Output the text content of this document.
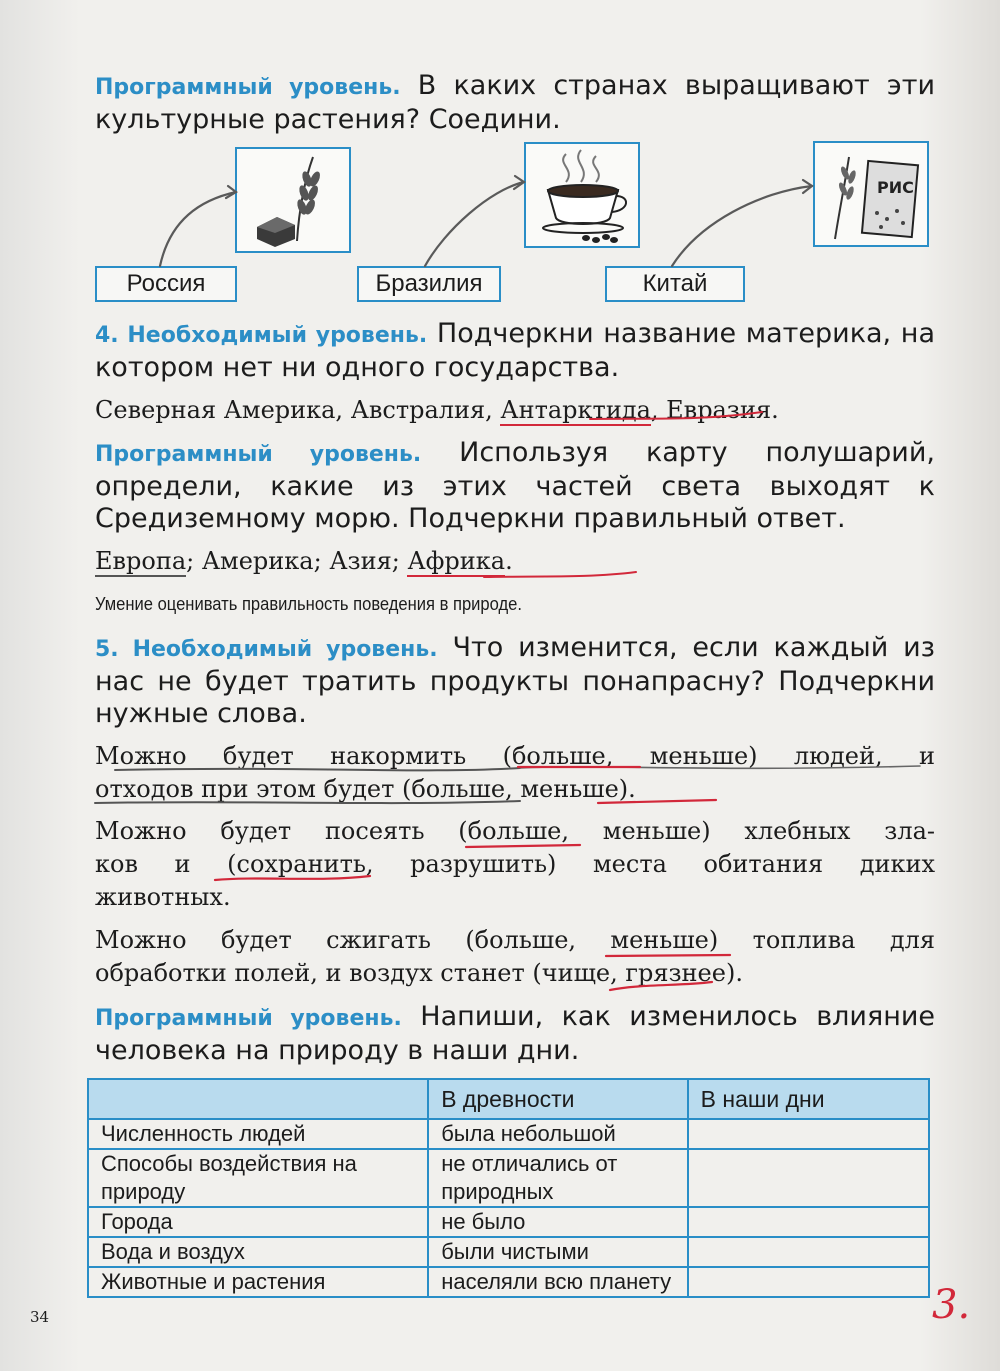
Программный уровень. В каких странах выращивают эти культурные растения? Соедини.
РИС
Россия	Бразилия	Китай
4. Необходимый уровень. Подчеркни название материка, на котором нет ни одного государства.
Северная Америка, Австралия, Антарктида, Евразия.
Программный уровень. Используя карту полушарий, определи, какие из этих частей света выходят к Средиземному морю. Подчеркни правильный ответ.
Европа; Америка; Азия; Африка.
Умение оценивать правильность поведения в природе.
5. Необходимый уровень. Что изменится, если каждый из нас не будет тратить продукты понапрасну? Подчеркни нужные слова.
Можно будет накормить (больше, меньше) людей, и
отходов при этом будет (больше, меньше).
Можно будет посеять (больше, меньше) хлебных зла-
ков и (сохранить, разрушить) места обитания диких
животных.
Можно будет сжигать (больше, меньше) топлива для
обработки полей, и воздух станет (чище, грязнее).
Программный уровень. Напиши, как изменилось влияние человека на природу в наши дни.
	В древности	В наши дни
Численность людей	была небольшой	
Способы воздействия на природу	не отличались от природных	
Города	не было	
Вода и воздух	были чистыми	
Животные и растения	населяли всю планету	
34	3.
